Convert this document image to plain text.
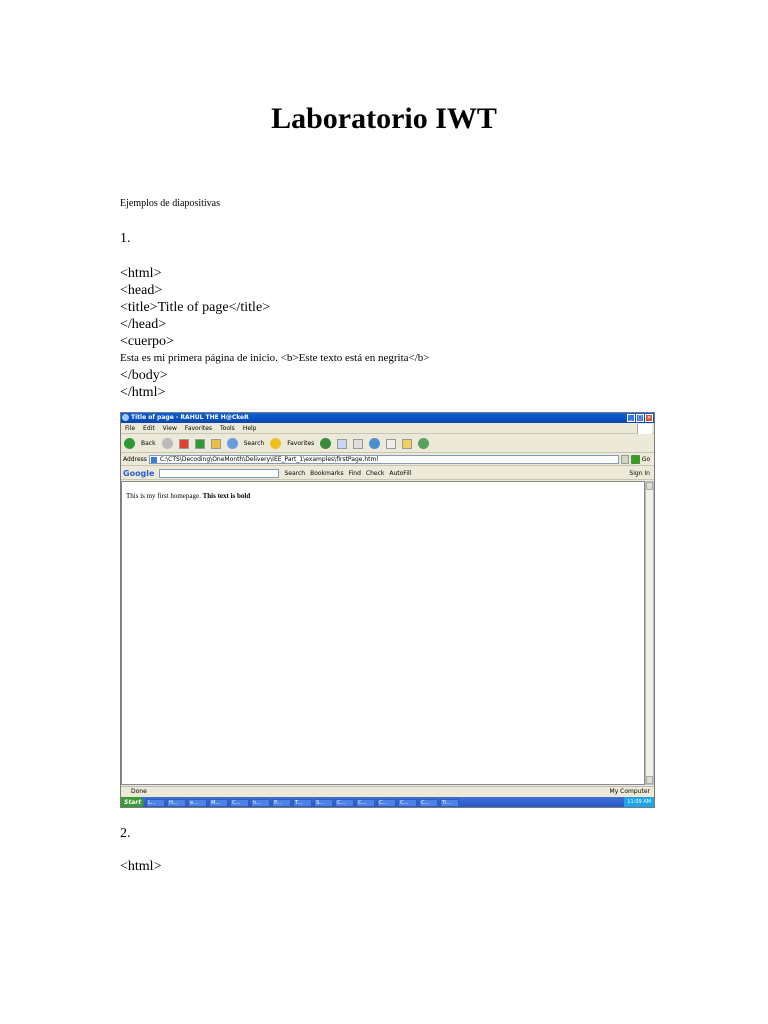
Laboratorio IWT
Ejemplos de diapositivas
1.
<html>
<head>
<title>Title of page</title>
</head>
<cuerpo>
Esta es mi primera página de inicio. <b>Este texto está en negrita</b>
</body>
</html>
Title of page - RAHUL THE H@CkeR	_	□ ×
File Edit View Favorites Tools Help
Back	Search	Favorites
Address	C:\CTS\Decoding\OneMonth\Delivery\IEE_Part_1\examples\firstPage.html	Go
Google	Search Bookmarks Find Check AutoFill	Sign In

This is my first homepage. This text is bold

Done	My Computer
Start	L...	H...	e...	M...	C...	h...	P...	T...	S...	C...	C...	C...	C...	C...	Ti...	11:09 AM
2.
<html>
